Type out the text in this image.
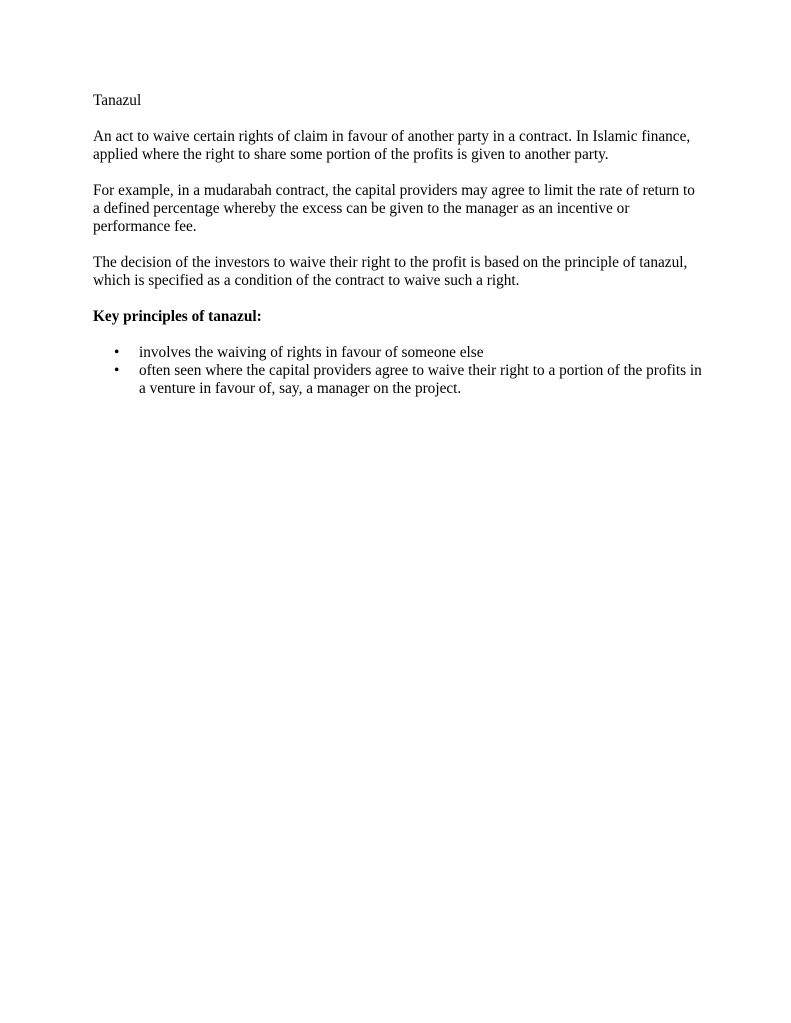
Tanazul

An act to waive certain rights of claim in favour of another party in a contract. In Islamic finance, applied where the right to share some portion of the profits is given to another party.

For example, in a mudarabah contract, the capital providers may agree to limit the rate of return to a defined percentage whereby the excess can be given to the manager as an incentive or performance fee.

The decision of the investors to waive their right to the profit is based on the principle of tanazul, which is specified as a condition of the contract to waive such a right.

Key principles of tanazul:

• involves the waiving of rights in favour of someone else
• often seen where the capital providers agree to waive their right to a portion of the profits in a venture in favour of, say, a manager on the project.
